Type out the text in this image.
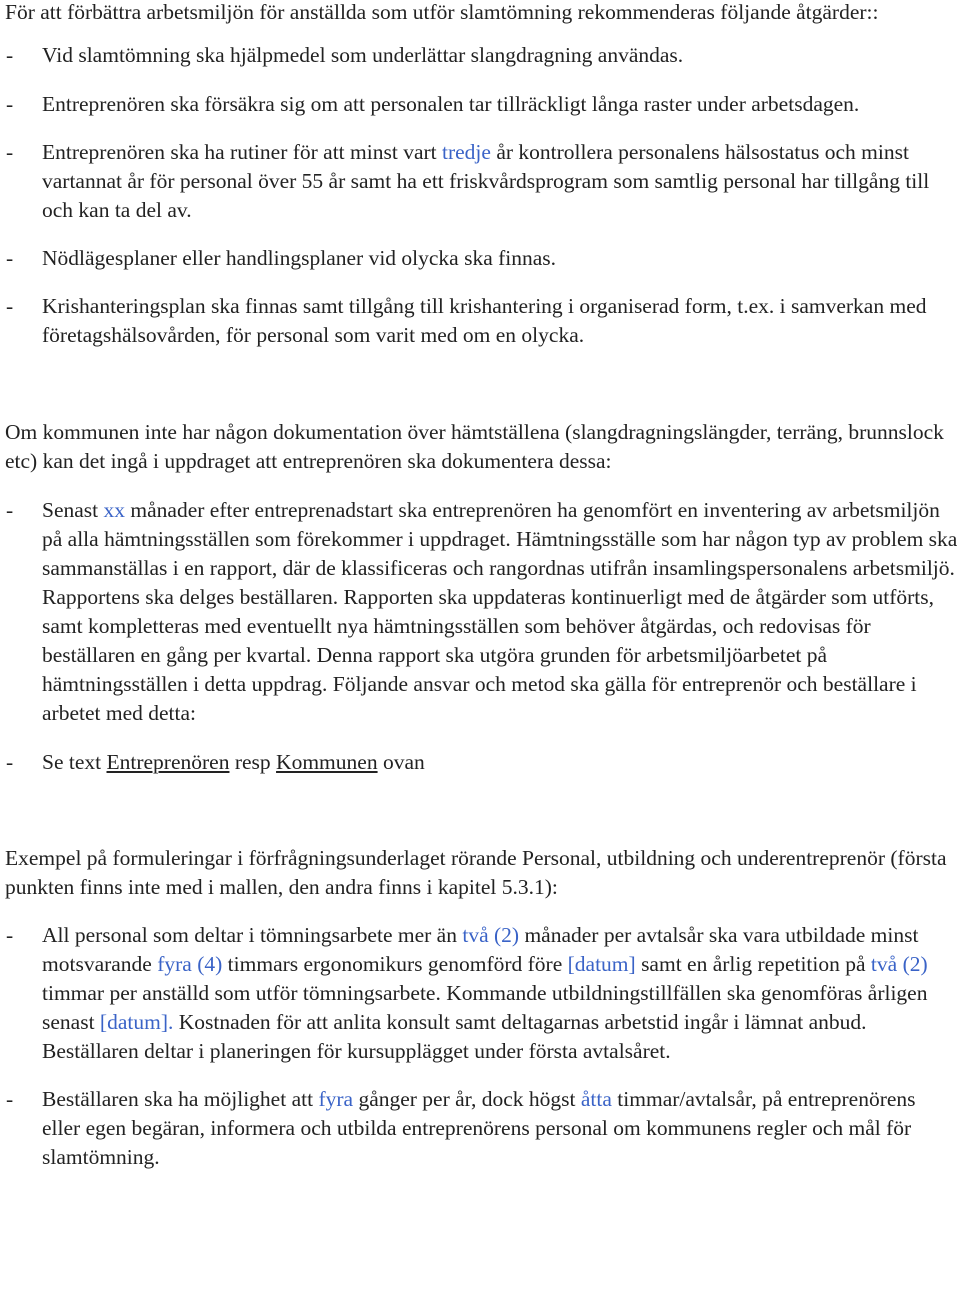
För att förbättra arbetsmiljön för anställda som utför slamtömning rekommenderas följande åtgärder::

- Vid slamtömning ska hjälpmedel som underlättar slangdragning användas.
- Entreprenören ska försäkra sig om att personalen tar tillräckligt långa raster under arbetsdagen.
- Entreprenören ska ha rutiner för att minst vart tredje år kontrollera personalens hälsostatus och minst vartannat år för personal över 55 år samt ha ett friskvårdsprogram som samtlig personal har tillgång till och kan ta del av.
- Nödlägesplaner eller handlingsplaner vid olycka ska finnas.
- Krishanteringsplan ska finnas samt tillgång till krishantering i organiserad form, t.ex. i samverkan med företagshälsovården, för personal som varit med om en olycka.

Om kommunen inte har någon dokumentation över hämtställena (slangdragningslängder, terräng, brunnslock etc) kan det ingå i uppdraget att entreprenören ska dokumentera dessa:

- Senast xx månader efter entreprenadstart ska entreprenören ha genomfört en inventering av arbetsmiljön på alla hämtningsställen som förekommer i uppdraget. Hämtningsställe som har någon typ av problem ska sammanställas i en rapport, där de klassificeras och rangordnas utifrån insamlingspersonalens arbetsmiljö. Rapportens ska delges beställaren. Rapporten ska uppdateras kontinuerligt med de åtgärder som utförts, samt kompletteras med eventuellt nya hämtningsställen som behöver åtgärdas, och redovisas för beställaren en gång per kvartal. Denna rapport ska utgöra grunden för arbetsmiljöarbetet på hämtningsställen i detta uppdrag. Följande ansvar och metod ska gälla för entreprenör och beställare i arbetet med detta:
- Se text Entreprenören resp Kommunen ovan

Exempel på formuleringar i förfrågningsunderlaget rörande Personal, utbildning och underentreprenör (första punkten finns inte med i mallen, den andra finns i kapitel 5.3.1):

- All personal som deltar i tömningsarbete mer än två (2) månader per avtalsår ska vara utbildade minst motsvarande fyra (4) timmars ergonomikurs genomförd före [datum] samt en årlig repetition på två (2) timmar per anställd som utför tömningsarbete. Kommande utbildningstillfällen ska genomföras årligen senast [datum]. Kostnaden för att anlita konsult samt deltagarnas arbetstid ingår i lämnat anbud. Beställaren deltar i planeringen för kursupplägget under första avtalsåret.
- Beställaren ska ha möjlighet att fyra gånger per år, dock högst åtta timmar/avtalsår, på entreprenörens eller egen begäran, informera och utbilda entreprenörens personal om kommunens regler och mål för slamtömning.
